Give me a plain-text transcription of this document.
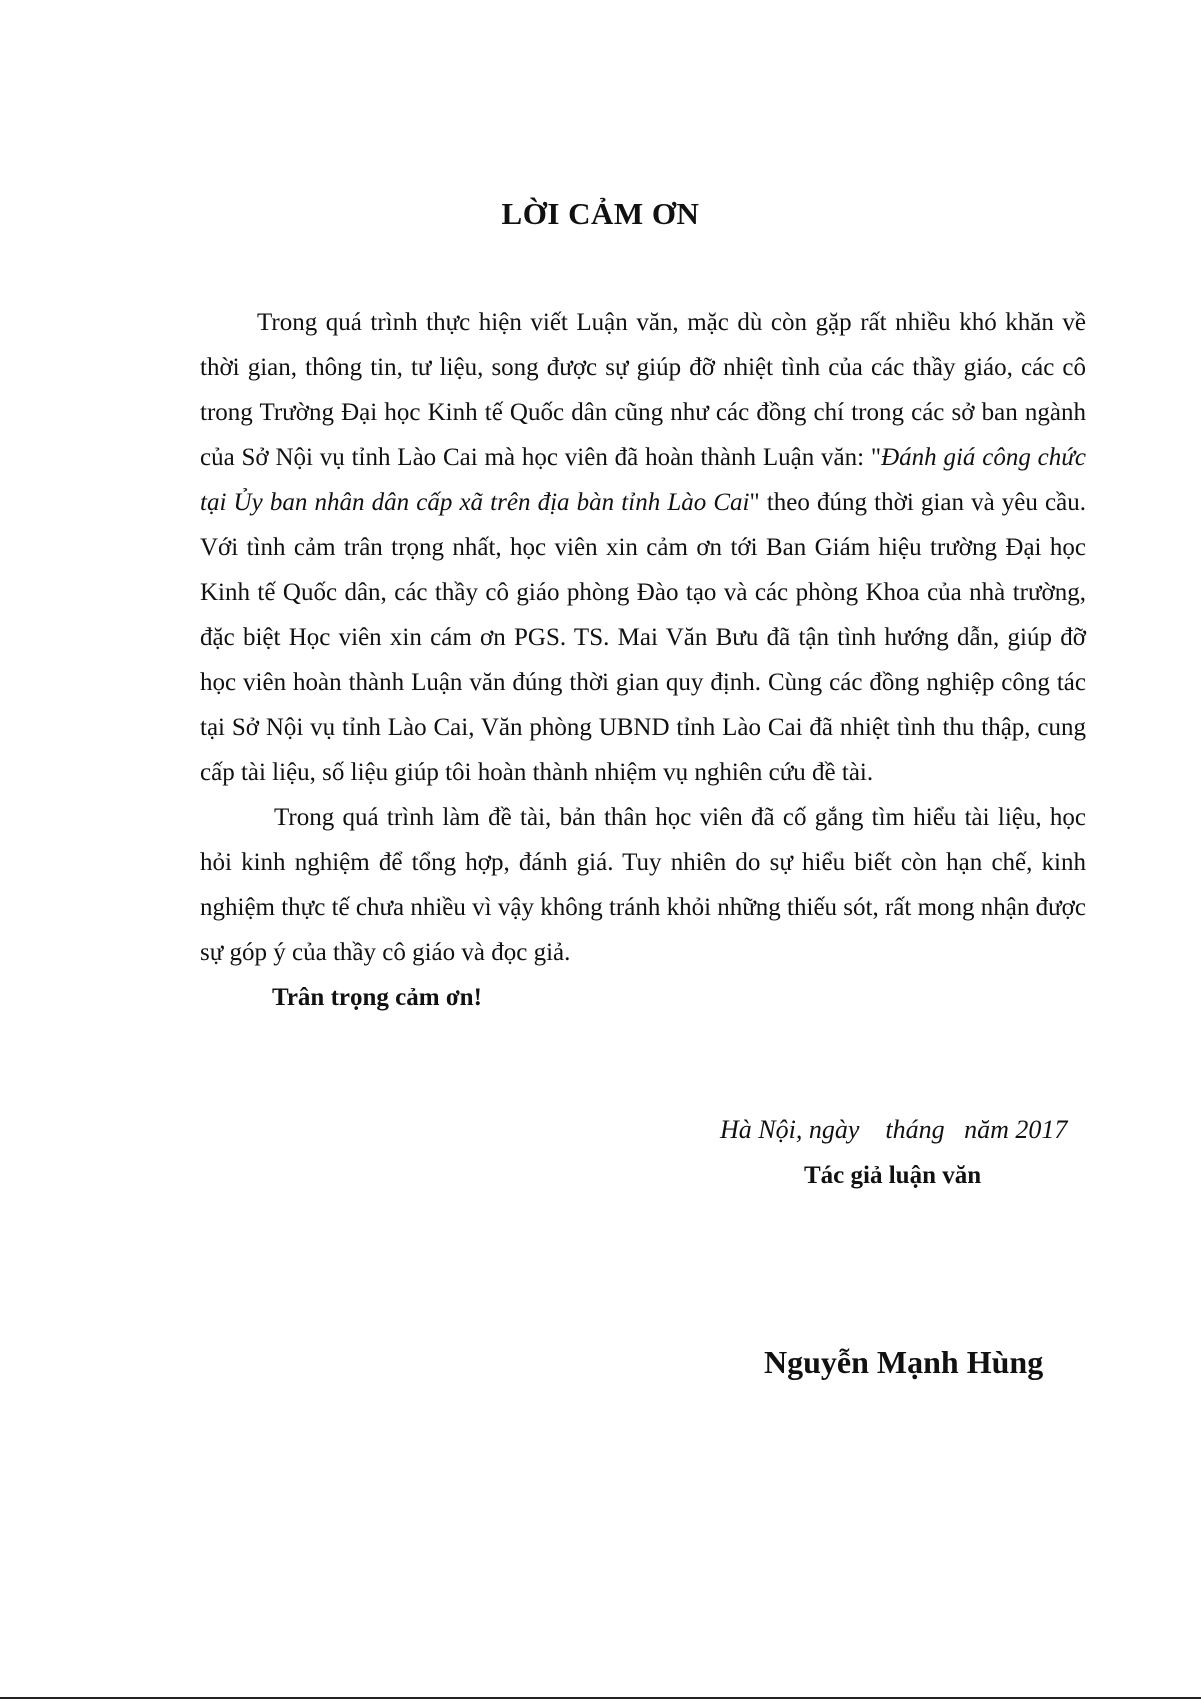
LỜI CẢM ƠN

Trong quá trình thực hiện viết Luận văn, mặc dù còn gặp rất nhiều khó khăn về thời gian, thông tin, tư liệu, song được sự giúp đỡ nhiệt tình của các thầy giáo, các cô trong Trường Đại học Kinh tế Quốc dân cũng như các đồng chí trong các sở ban ngành của Sở Nội vụ tỉnh Lào Cai mà học viên đã hoàn thành Luận văn: "Đánh giá công chức tại Ủy ban nhân dân cấp xã trên địa bàn tỉnh Lào Cai" theo đúng thời gian và yêu cầu. Với tình cảm trân trọng nhất, học viên xin cảm ơn tới Ban Giám hiệu trường Đại học Kinh tế Quốc dân, các thầy cô giáo phòng Đào tạo và các phòng Khoa của nhà trường, đặc biệt Học viên xin cám ơn PGS. TS. Mai Văn Bưu đã tận tình hướng dẫn, giúp đỡ học viên hoàn thành Luận văn đúng thời gian quy định. Cùng các đồng nghiệp công tác tại Sở Nội vụ tỉnh Lào Cai, Văn phòng UBND tỉnh Lào Cai đã nhiệt tình thu thập, cung cấp tài liệu, số liệu giúp tôi hoàn thành nhiệm vụ nghiên cứu đề tài.

Trong quá trình làm đề tài, bản thân học viên đã cố gắng tìm hiểu tài liệu, học hỏi kinh nghiệm để tổng hợp, đánh giá. Tuy nhiên do sự hiểu biết còn hạn chế, kinh nghiệm thực tế chưa nhiều vì vậy không tránh khỏi những thiếu sót, rất mong nhận được sự góp ý của thầy cô giáo và đọc giả.

Trân trọng cảm ơn!

Hà Nội, ngày    tháng   năm 2017
Tác giả luận văn
Nguyễn Mạnh Hùng
